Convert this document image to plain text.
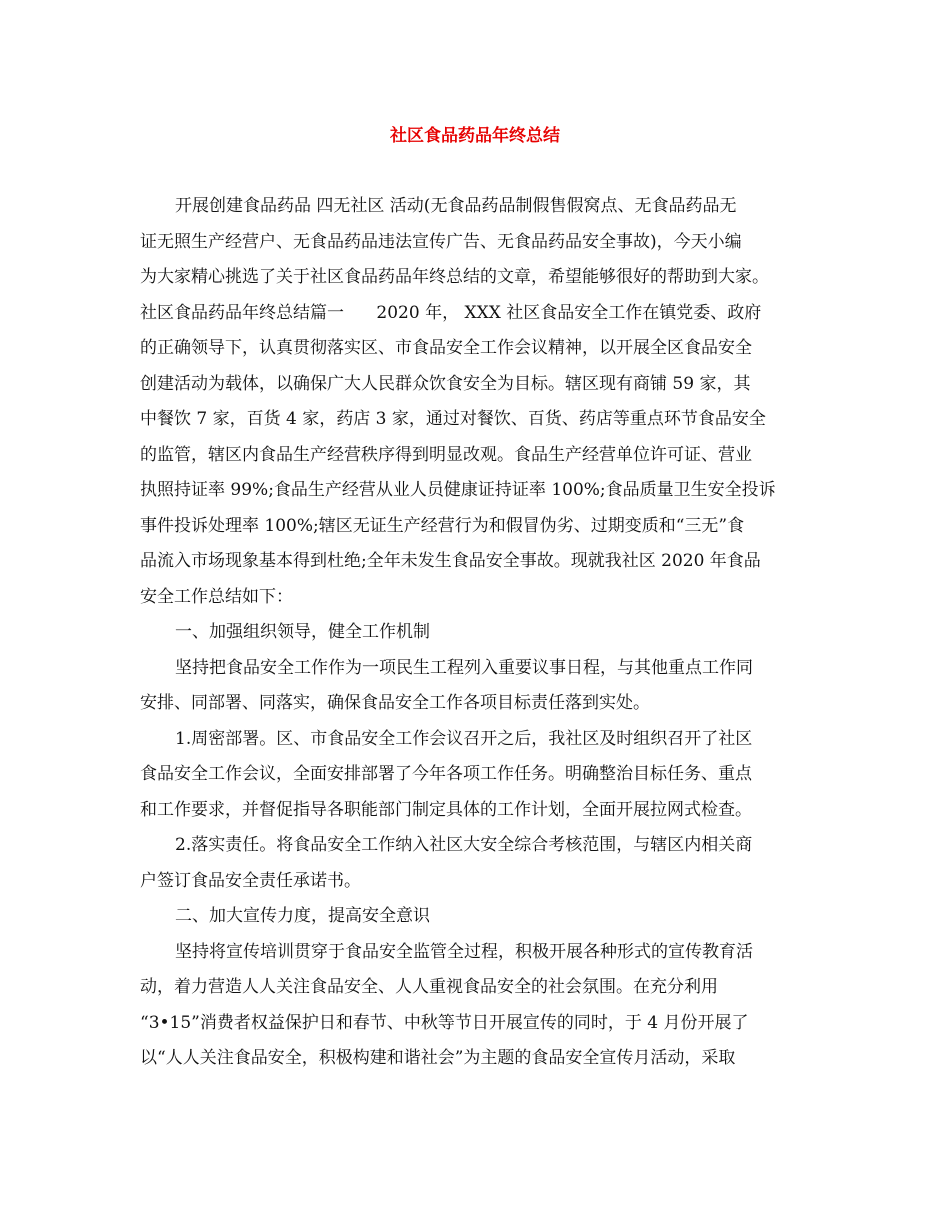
社区食品药品年终总结
开展创建食品药品 四无社区 活动(无食品药品制假售假窝点、无食品药品无
证无照生产经营户、无食品药品违法宣传广告、无食品药品安全事故)，今天小编
为大家精心挑选了关于社区食品药品年终总结的文章，希望能够很好的帮助到大家。
社区食品药品年终总结篇一      2020 年， XXX 社区食品安全工作在镇党委、政府
的正确领导下，认真贯彻落实区、市食品安全工作会议精神，以开展全区食品安全
创建活动为载体，以确保广大人民群众饮食安全为目标。辖区现有商铺 59 家，其
中餐饮 7 家，百货 4 家，药店 3 家，通过对餐饮、百货、药店等重点环节食品安全
的监管，辖区内食品生产经营秩序得到明显改观。食品生产经营单位许可证、营业
执照持证率 99%;食品生产经营从业人员健康证持证率 100%;食品质量卫生安全投诉
事件投诉处理率 100%;辖区无证生产经营行为和假冒伪劣、过期变质和“三无”食
品流入市场现象基本得到杜绝;全年未发生食品安全事故。现就我社区 2020 年食品
安全工作总结如下：
一、加强组织领导，健全工作机制
坚持把食品安全工作作为一项民生工程列入重要议事日程，与其他重点工作同
安排、同部署、同落实，确保食品安全工作各项目标责任落到实处。
1.周密部署。区、市食品安全工作会议召开之后，我社区及时组织召开了社区
食品安全工作会议，全面安排部署了今年各项工作任务。明确整治目标任务、重点
和工作要求，并督促指导各职能部门制定具体的工作计划，全面开展拉网式检查。
2.落实责任。将食品安全工作纳入社区大安全综合考核范围，与辖区内相关商
户签订食品安全责任承诺书。
二、加大宣传力度，提高安全意识
坚持将宣传培训贯穿于食品安全监管全过程，积极开展各种形式的宣传教育活
动，着力营造人人关注食品安全、人人重视食品安全的社会氛围。在充分利用
“3•15”消费者权益保护日和春节、中秋等节日开展宣传的同时，于 4 月份开展了
以“人人关注食品安全，积极构建和谐社会”为主题的食品安全宣传月活动，采取
